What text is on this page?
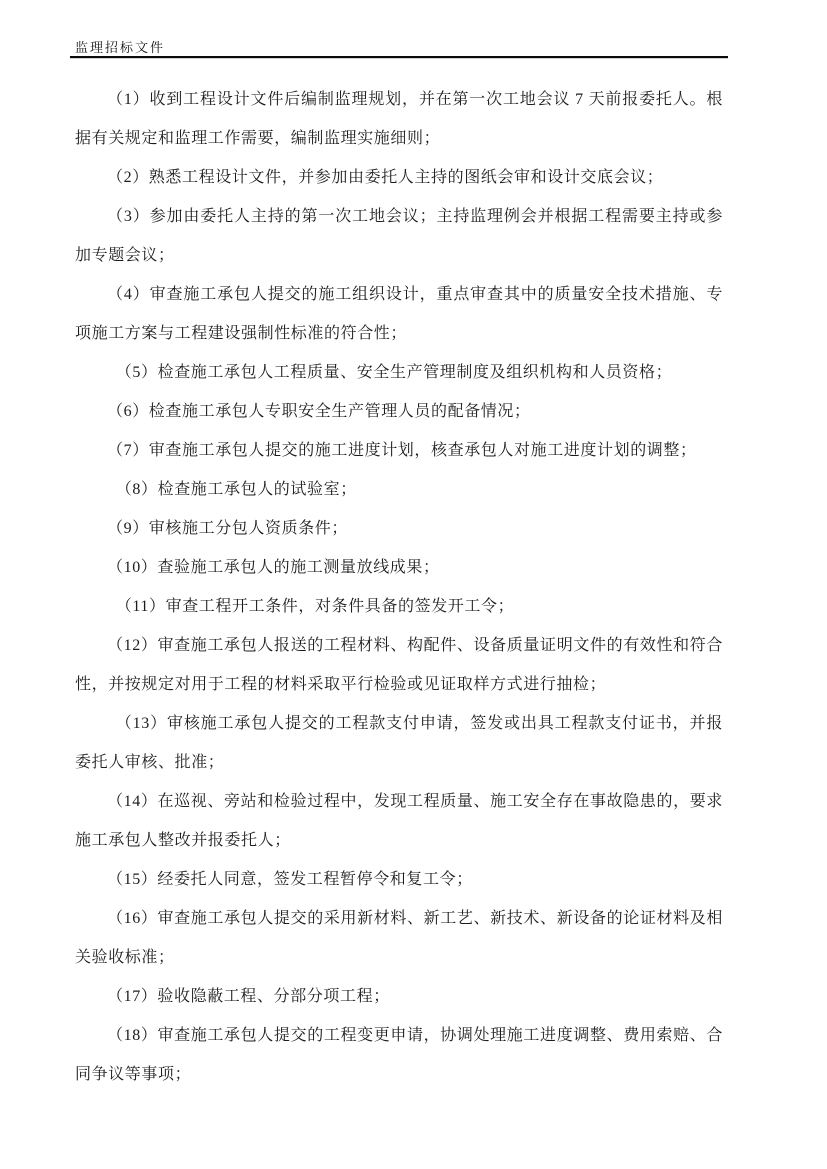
监理招标文件

（1）收到工程设计文件后编制监理规划，并在第一次工地会议 7 天前报委托人。根据有关规定和监理工作需要，编制监理实施细则；

（2）熟悉工程设计文件，并参加由委托人主持的图纸会审和设计交底会议；

（3）参加由委托人主持的第一次工地会议；主持监理例会并根据工程需要主持或参加专题会议；

（4）审查施工承包人提交的施工组织设计，重点审查其中的质量安全技术措施、专项施工方案与工程建设强制性标准的符合性；

（5）检查施工承包人工程质量、安全生产管理制度及组织机构和人员资格；

（6）检查施工承包人专职安全生产管理人员的配备情况；

（7）审查施工承包人提交的施工进度计划，核查承包人对施工进度计划的调整；

（8）检查施工承包人的试验室；

（9）审核施工分包人资质条件；

（10）查验施工承包人的施工测量放线成果；

（11）审查工程开工条件，对条件具备的签发开工令；

（12）审查施工承包人报送的工程材料、构配件、设备质量证明文件的有效性和符合性，并按规定对用于工程的材料采取平行检验或见证取样方式进行抽检；

（13）审核施工承包人提交的工程款支付申请，签发或出具工程款支付证书，并报委托人审核、批准；

（14）在巡视、旁站和检验过程中，发现工程质量、施工安全存在事故隐患的，要求施工承包人整改并报委托人；

（15）经委托人同意，签发工程暂停令和复工令；

（16）审查施工承包人提交的采用新材料、新工艺、新技术、新设备的论证材料及相关验收标准；

（17）验收隐蔽工程、分部分项工程；

（18）审查施工承包人提交的工程变更申请，协调处理施工进度调整、费用索赔、合同争议等事项；
